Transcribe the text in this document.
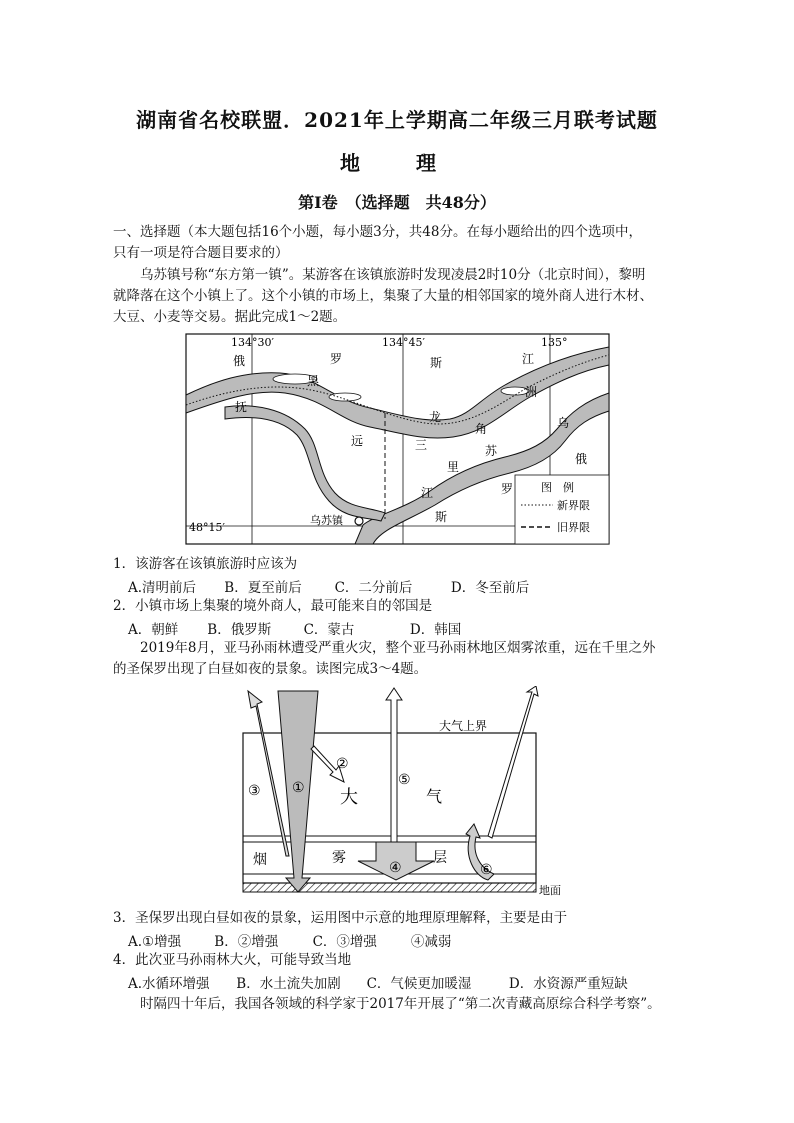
湖南省名校联盟．2021年上学期高二年级三月联考试题
地　理
第Ⅰ卷　（选择题　共48分）
一、选择题（本大题包括16个小题，每小题3分，共48分。在每小题给出的四个选项中，
只有一项是符合题目要求的）
乌苏镇号称“东方第一镇”。某游客在该镇旅游时发现凌晨2时10分（北京时间），黎明
就降落在这个小镇上了。这个小镇的市场上，集聚了大量的相邻国家的境外商人进行木材、
大豆、小麦等交易。据此完成1～2题。
134°30′	134°45′	135°
48°15′
俄	罗	斯	江
黑
洲
抚
龙	乌
远	三
角
苏
俄
里
罗
江
斯
乌苏镇
图　例
新界限
旧界限
1．该游客在该镇旅游时应该为
A.清明前后 B．夏至前后 C．二分前后	D．冬至前后
2．小镇市场上集聚的境外商人，最可能来自的邻国是
A．朝鲜 B．俄罗斯 C．蒙古	D．韩国
2019年8月，亚马孙雨林遭受严重火灾，整个亚马孙雨林地区烟雾浓重，远在千里之外
的圣保罗出现了白昼如夜的景象。读图完成3～4题。
大气上界
地面
大	气
烟	雾	层
①
②
③
④
⑤
⑥
3．圣保罗出现白昼如夜的景象，运用图中示意的地理原理解释，主要是由于
A.①增强 B．②增强	C．③增强	④减弱
4．此次亚马孙雨林大火，可能导致当地
A.水循环增强 B．水土流失加剧 C．气候更加暖湿	D．水资源严重短缺
时隔四十年后，我国各领域的科学家于2017年开展了“第二次青藏高原综合科学考察”。
